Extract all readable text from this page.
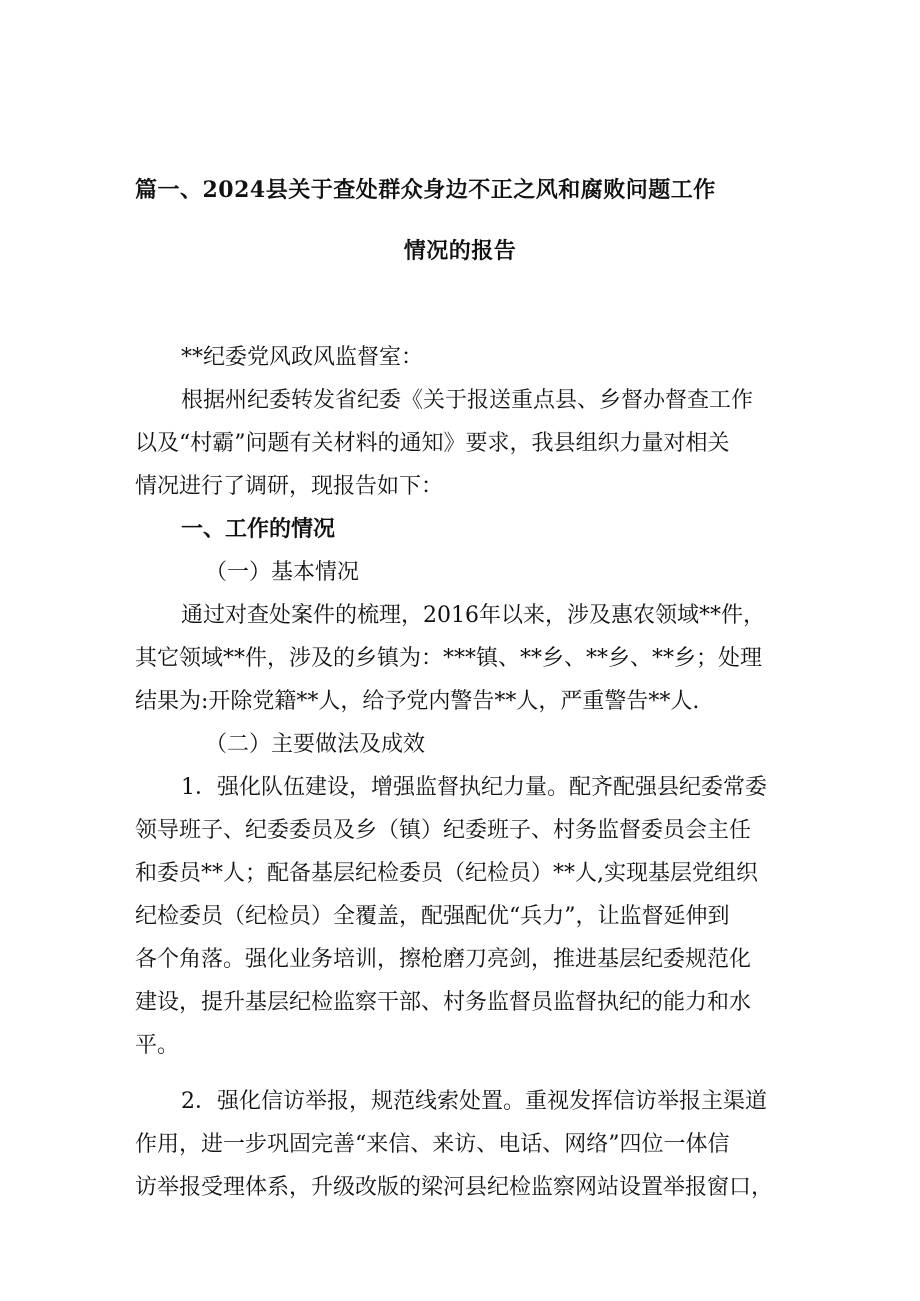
篇一、2024县关于查处群众身边不正之风和腐败问题工作
情况的报告
**纪委党风政风监督室：
根据州纪委转发省纪委《关于报送重点县、乡督办督查工作
以及“村霸”问题有关材料的通知》要求，我县组织力量对相关
情况进行了调研，现报告如下：
一、工作的情况
（一）基本情况
通过对查处案件的梳理，2016年以来，涉及惠农领域**件，
其它领域**件，涉及的乡镇为：***镇、**乡、**乡、**乡；处理
结果为:开除党籍**人，给予党内警告**人，严重警告**人.
（二）主要做法及成效
1．强化队伍建设，增强监督执纪力量。配齐配强县纪委常委
领导班子、纪委委员及乡（镇）纪委班子、村务监督委员会主任
和委员**人；配备基层纪检委员（纪检员）**人,实现基层党组织
纪检委员（纪检员）全覆盖，配强配优“兵力”，让监督延伸到
各个角落。强化业务培训，擦枪磨刀亮剑，推进基层纪委规范化
建设，提升基层纪检监察干部、村务监督员监督执纪的能力和水
平。
2．强化信访举报，规范线索处置。重视发挥信访举报主渠道
作用，进一步巩固完善“来信、来访、电话、网络”四位一体信
访举报受理体系，升级改版的梁河县纪检监察网站设置举报窗口，
